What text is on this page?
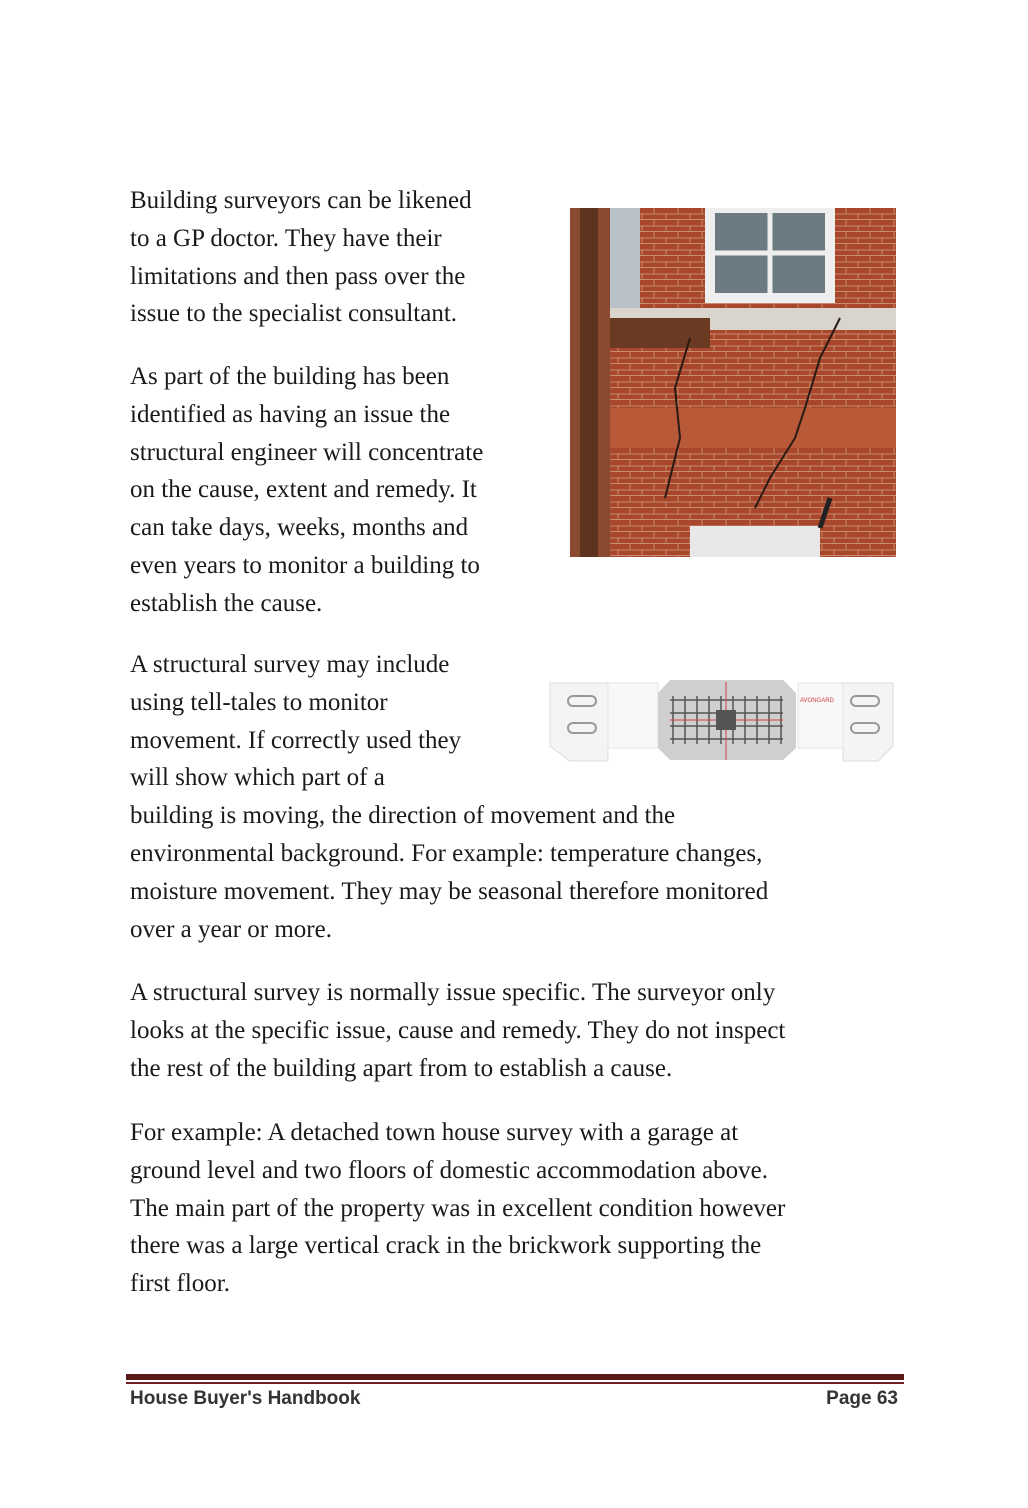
Building surveyors can be likened
to a GP doctor. They have their
limitations and then pass over the
issue to the specialist consultant.
As part of the building has been
identified as having an issue the
structural engineer will concentrate
on the cause, extent and remedy. It
can take days, weeks, months and
even years to monitor a building to
establish the cause.
A structural survey may include
using tell-tales to monitor
movement. If correctly used they
will show which part of a
building is moving, the direction of movement and the
environmental background. For example: temperature changes,
moisture movement. They may be seasonal therefore monitored
over a year or more.
A structural survey is normally issue specific. The surveyor only
looks at the specific issue, cause and remedy. They do not inspect
the rest of the building apart from to establish a cause.
For example: A detached town house survey with a garage at
ground level and two floors of domestic accommodation above.
The main part of the property was in excellent condition however
there was a large vertical crack in the brickwork supporting the
first floor.
AVONGARD
House Buyer's Handbook	Page 63
